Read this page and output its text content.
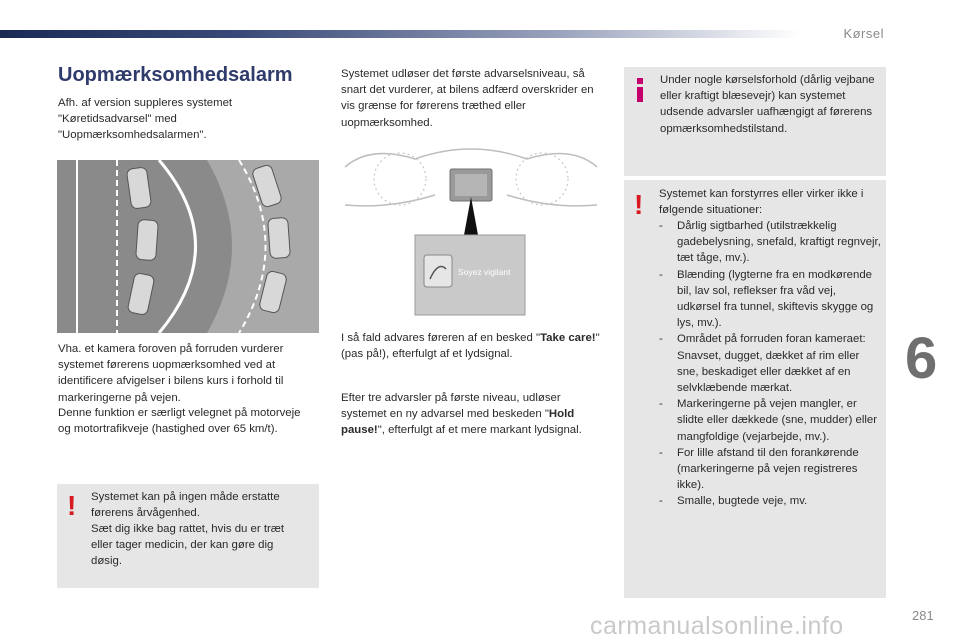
Kørsel
6
281
Uopmærksomhedsalarm

Afh. af version suppleres systemet "Køretidsadvarsel" med "Uopmærksomhedsalarmen".

Vha. et kamera foroven på forruden vurderer systemet førerens uopmærksomhed ved at identificere afvigelser i bilens kurs i forhold til markeringerne på vejen.

Denne funktion er særligt velegnet på motorveje og motortrafikveje (hastighed over 65 km/t).

! Systemet kan på ingen måde erstatte førerens årvågenhed.

Sæt dig ikke bag rattet, hvis du er træt eller tager medicin, der kan gøre dig døsig.

Systemet udløser det første advarselsniveau, så snart det vurderer, at bilens adfærd overskrider en vis grænse for førerens træthed eller uopmærksomhed.

Soyez vigilant

I så fald advares føreren af en besked "Take care!" (pas på!), efterfulgt af et lydsignal.

Efter tre advarsler på første niveau, udløser systemet en ny advarsel med beskeden "Hold pause!", efterfulgt af et mere markant lydsignal.

Under nogle kørselsforhold (dårlig vejbane eller kraftigt blæsevejr) kan systemet udsende advarsler uafhængigt af førerens opmærksomhedstilstand.

! Systemet kan forstyrres eller virker ikke i følgende situationer:

- Dårlig sigtbarhed (utilstrækkelig gadebelysning, snefald, kraftigt regnvejr, tæt tåge, mv.).
- Blænding (lygterne fra en modkørende bil, lav sol, reflekser fra våd vej, udkørsel fra tunnel, skiftevis skygge og lys, mv.).
- Området på forruden foran kameraet: Snavset, dugget, dækket af rim eller sne, beskadiget eller dækket af en selvklæbende mærkat.
- Markeringerne på vejen mangler, er slidte eller dækkede (sne, mudder) eller mangfoldige (vejarbejde, mv.).
- For lille afstand til den forankørende (markeringerne på vejen registreres ikke).
- Smalle, bugtede veje, mv.
carmanualsonline.info
